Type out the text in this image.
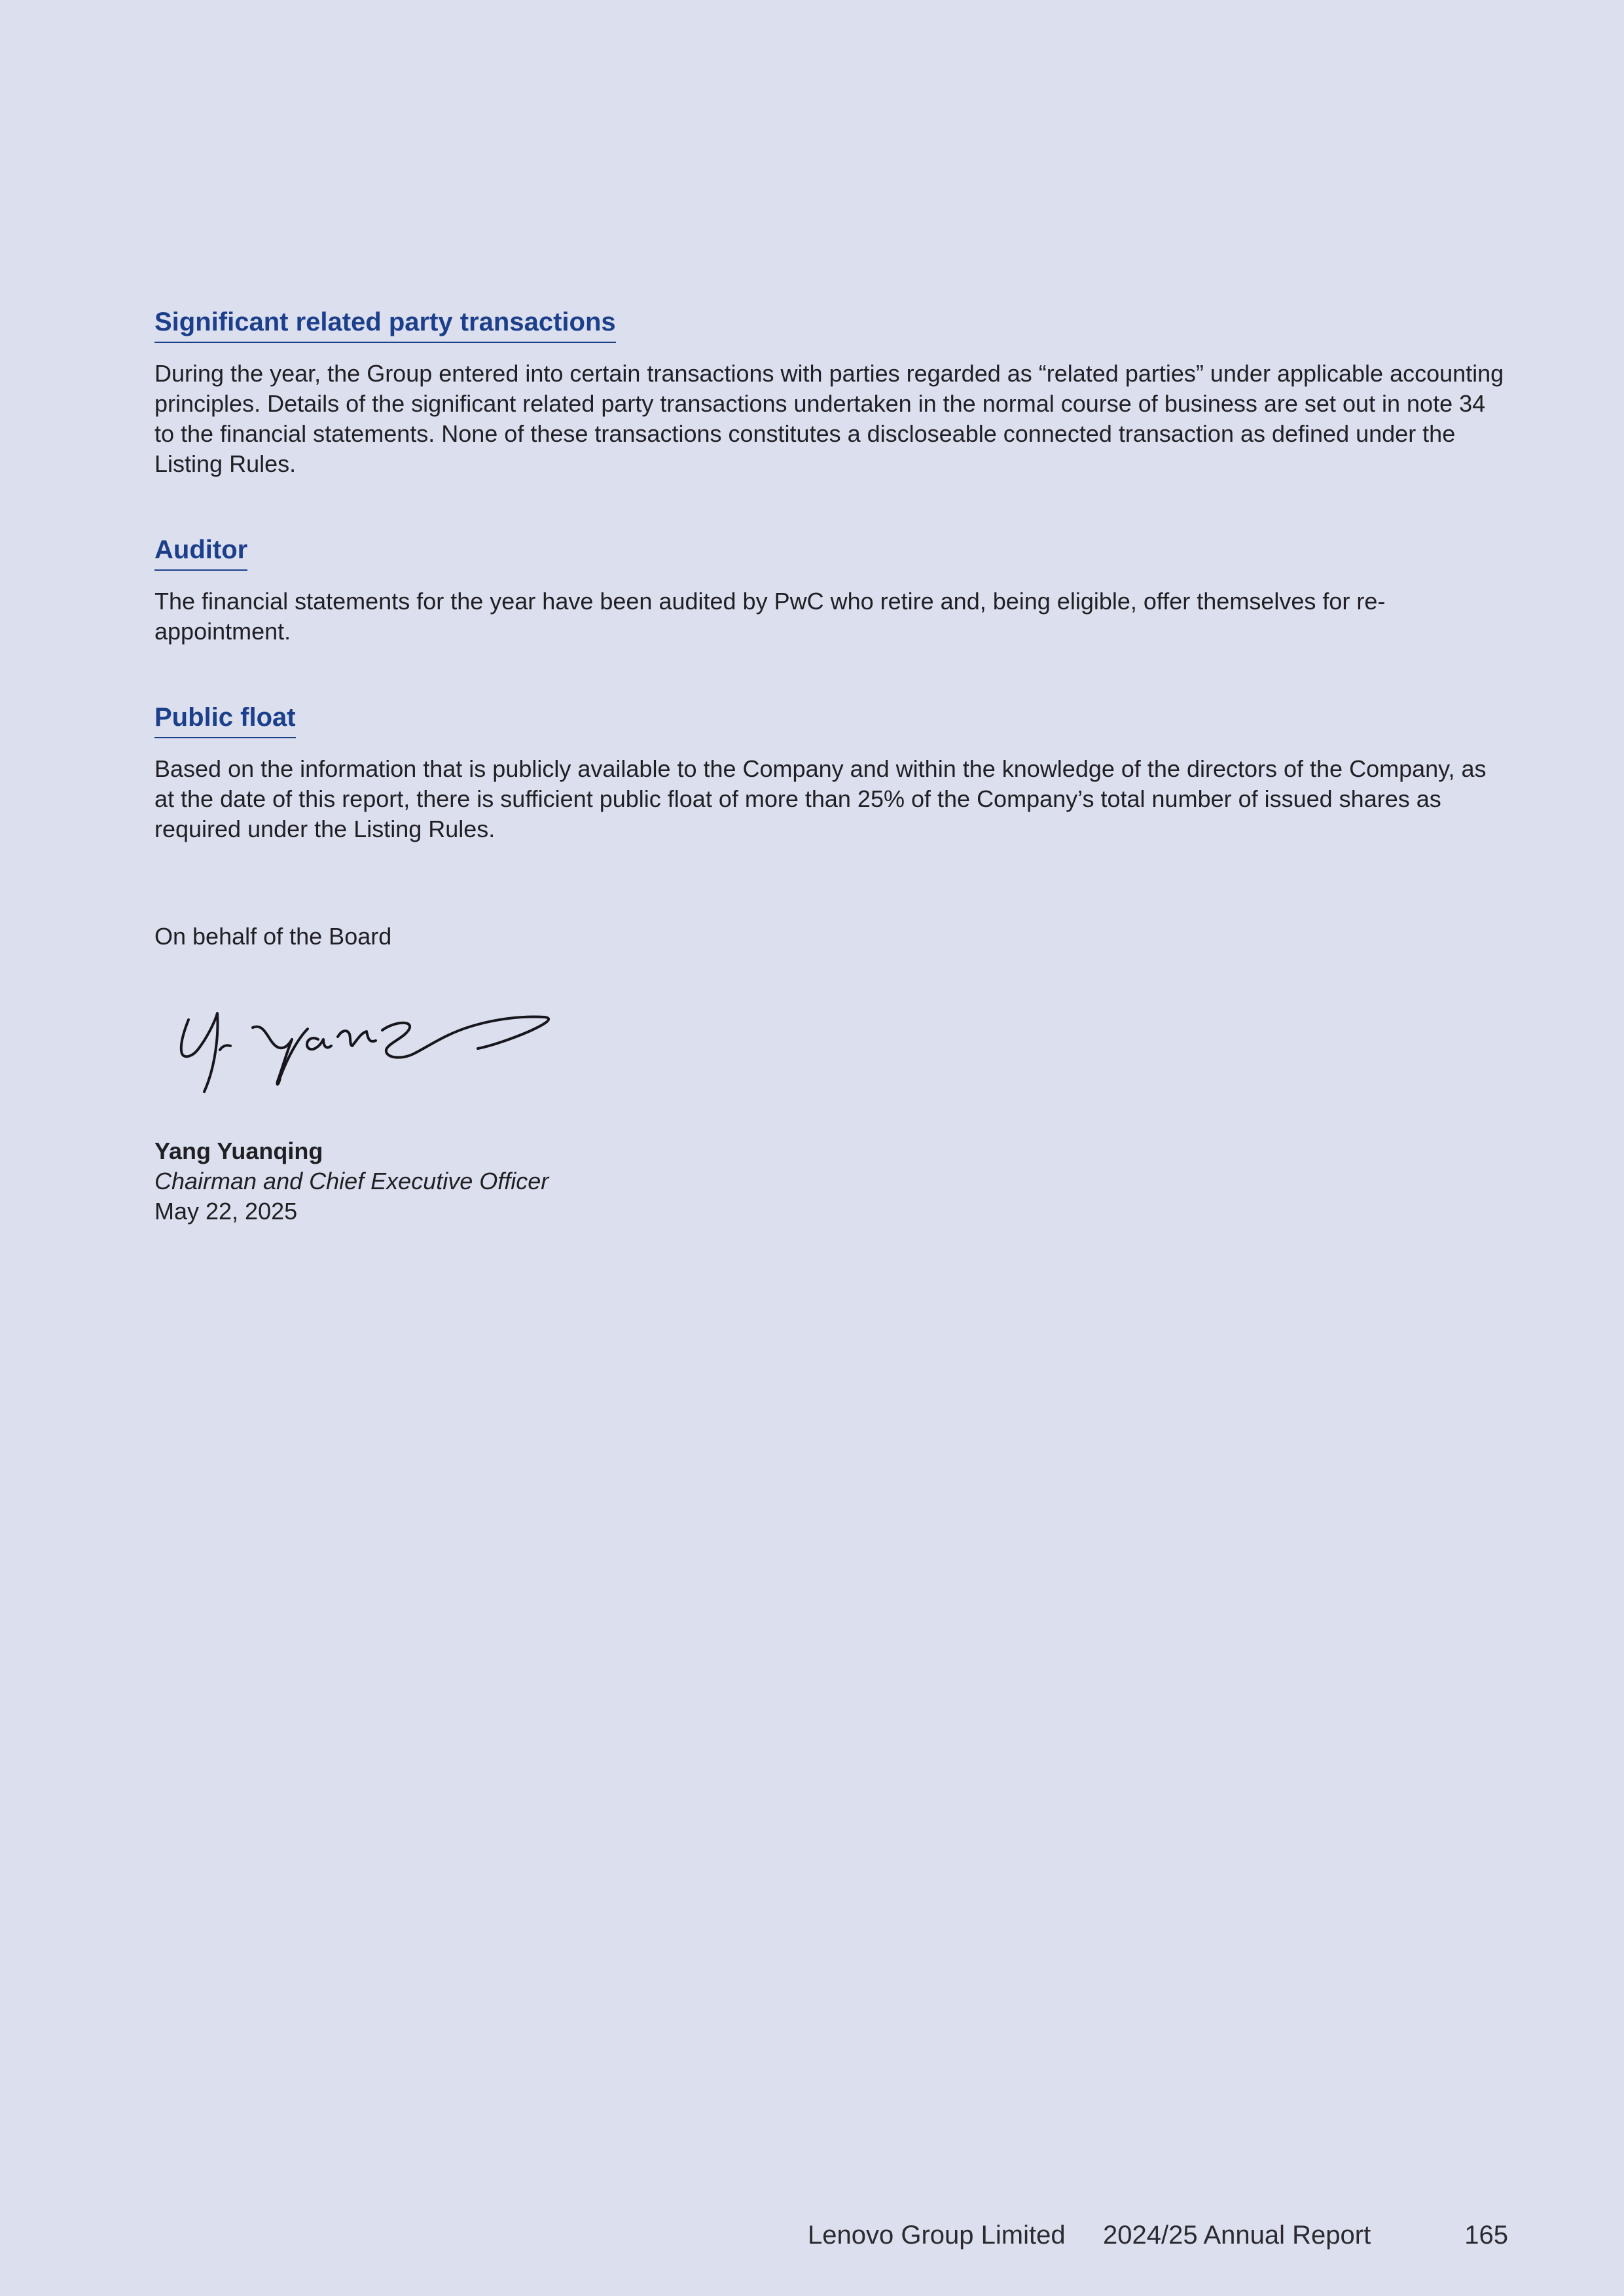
Significant related party transactions

During the year, the Group entered into certain transactions with parties regarded as “related parties” under applicable accounting principles. Details of the significant related party transactions undertaken in the normal course of business are set out in note 34 to the financial statements. None of these transactions constitutes a discloseable connected transaction as defined under the Listing Rules.

Auditor

The financial statements for the year have been audited by PwC who retire and, being eligible, offer themselves for re-appointment.

Public float

Based on the information that is publicly available to the Company and within the knowledge of the directors of the Company, as at the date of this report, there is sufficient public float of more than 25% of the Company’s total number of issued shares as required under the Listing Rules.

On behalf of the Board

Yang Yuanqing
Chairman and Chief Executive Officer
May 22, 2025
Lenovo Group Limited 2024/25 Annual Report	165
